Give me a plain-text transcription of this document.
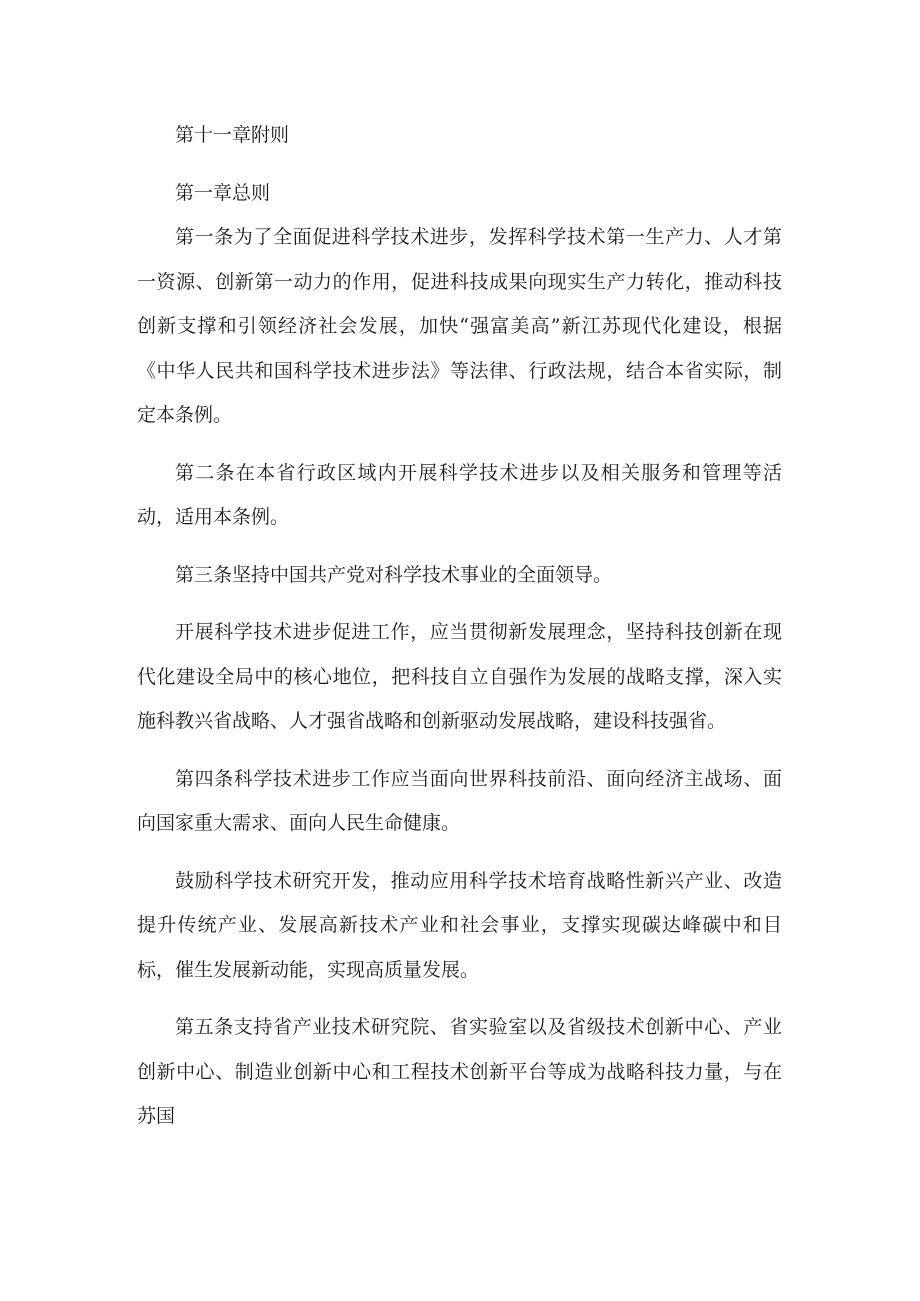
第十一章附则

第一章总则

第一条为了全面促进科学技术进步，发挥科学技术第一生产力、人才第一资源、创新第一动力的作用，促进科技成果向现实生产力转化，推动科技创新支撑和引领经济社会发展，加快“强富美高”新江苏现代化建设，根据《中华人民共和国科学技术进步法》等法律、行政法规，结合本省实际，制定本条例。

第二条在本省行政区域内开展科学技术进步以及相关服务和管理等活动，适用本条例。

第三条坚持中国共产党对科学技术事业的全面领导。

开展科学技术进步促进工作，应当贯彻新发展理念，坚持科技创新在现代化建设全局中的核心地位，把科技自立自强作为发展的战略支撑，深入实施科教兴省战略、人才强省战略和创新驱动发展战略，建设科技强省。

第四条科学技术进步工作应当面向世界科技前沿、面向经济主战场、面向国家重大需求、面向人民生命健康。

鼓励科学技术研究开发，推动应用科学技术培育战略性新兴产业、改造提升传统产业、发展高新技术产业和社会事业，支撑实现碳达峰碳中和目标，催生发展新动能，实现高质量发展。

第五条支持省产业技术研究院、省实验室以及省级技术创新中心、产业创新中心、制造业创新中心和工程技术创新平台等成为战略科技力量，与在苏国
